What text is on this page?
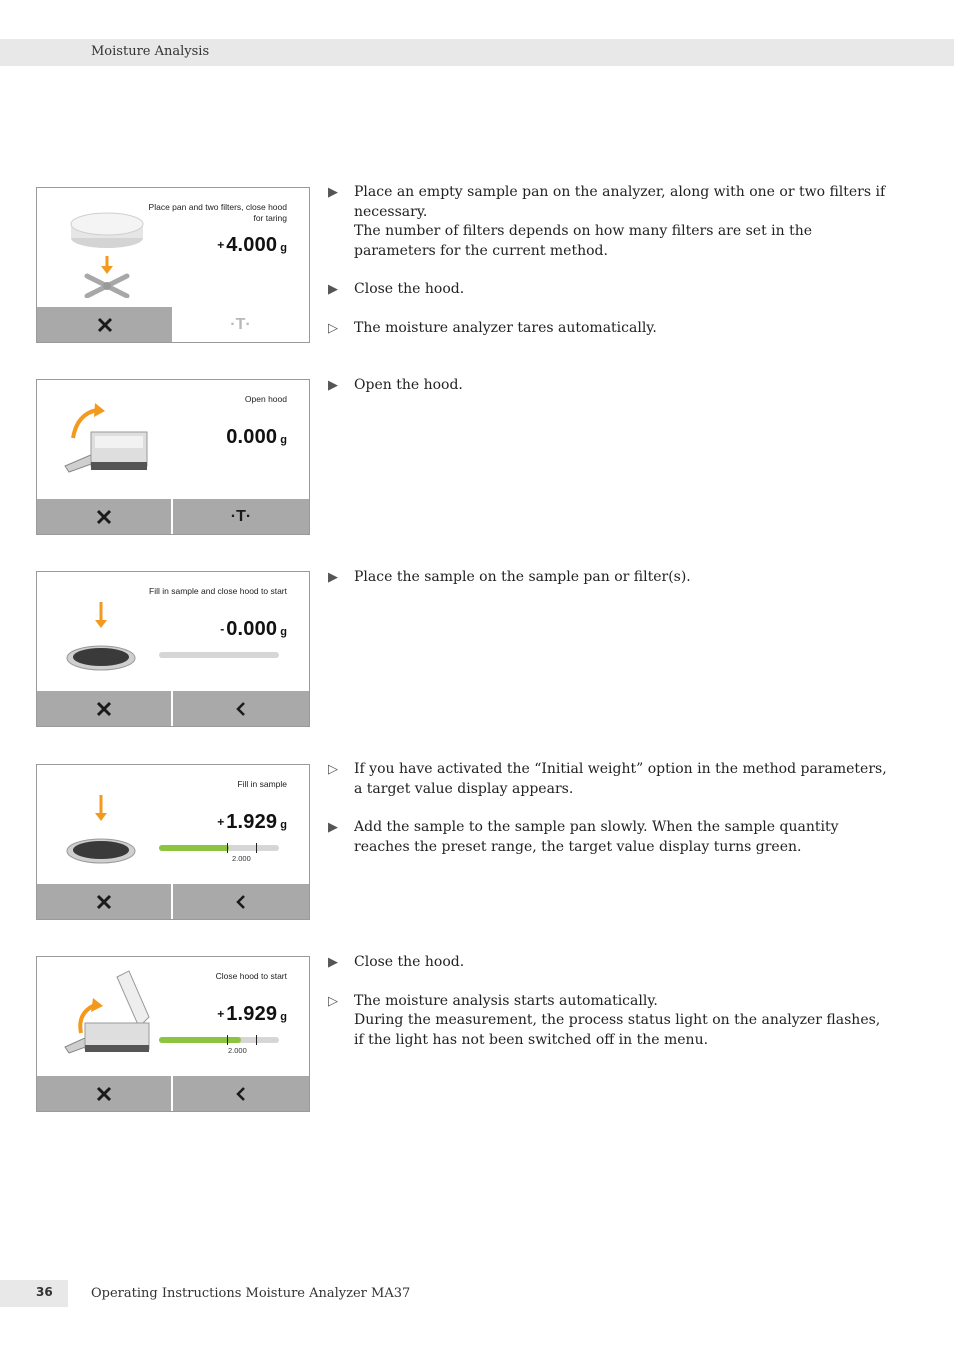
Moisture Analysis
Place pan and two filters, close hood for taring
+ 4.000 g
·T·
Open hood
0.000 g
·T·
Fill in sample and close hood to start
- 0.000 g
Fill in sample
+ 1.929 g
2.000
Close hood to start
+ 1.929 g
2.000
▶ Place an empty sample pan on the analyzer, along with one or two filters if necessary.

The number of filters depends on how many filters are set in the parameters for the current method.

▶ Close the hood.

▷ The moisture analyzer tares automatically.

▶ Open the hood.

▶ Place the sample on the sample pan or filter(s).

▷ If you have activated the “Initial weight” option in the method parameters, a target value display appears.

▶ Add the sample to the sample pan slowly. When the sample quantity reaches the preset range, the target value display turns green.

▶ Close the hood.

▷ The moisture analysis starts automatically.

During the measurement, the process status light on the analyzer flashes, if the light has not been switched off in the menu.

36	Operating Instructions Moisture Analyzer MA37
